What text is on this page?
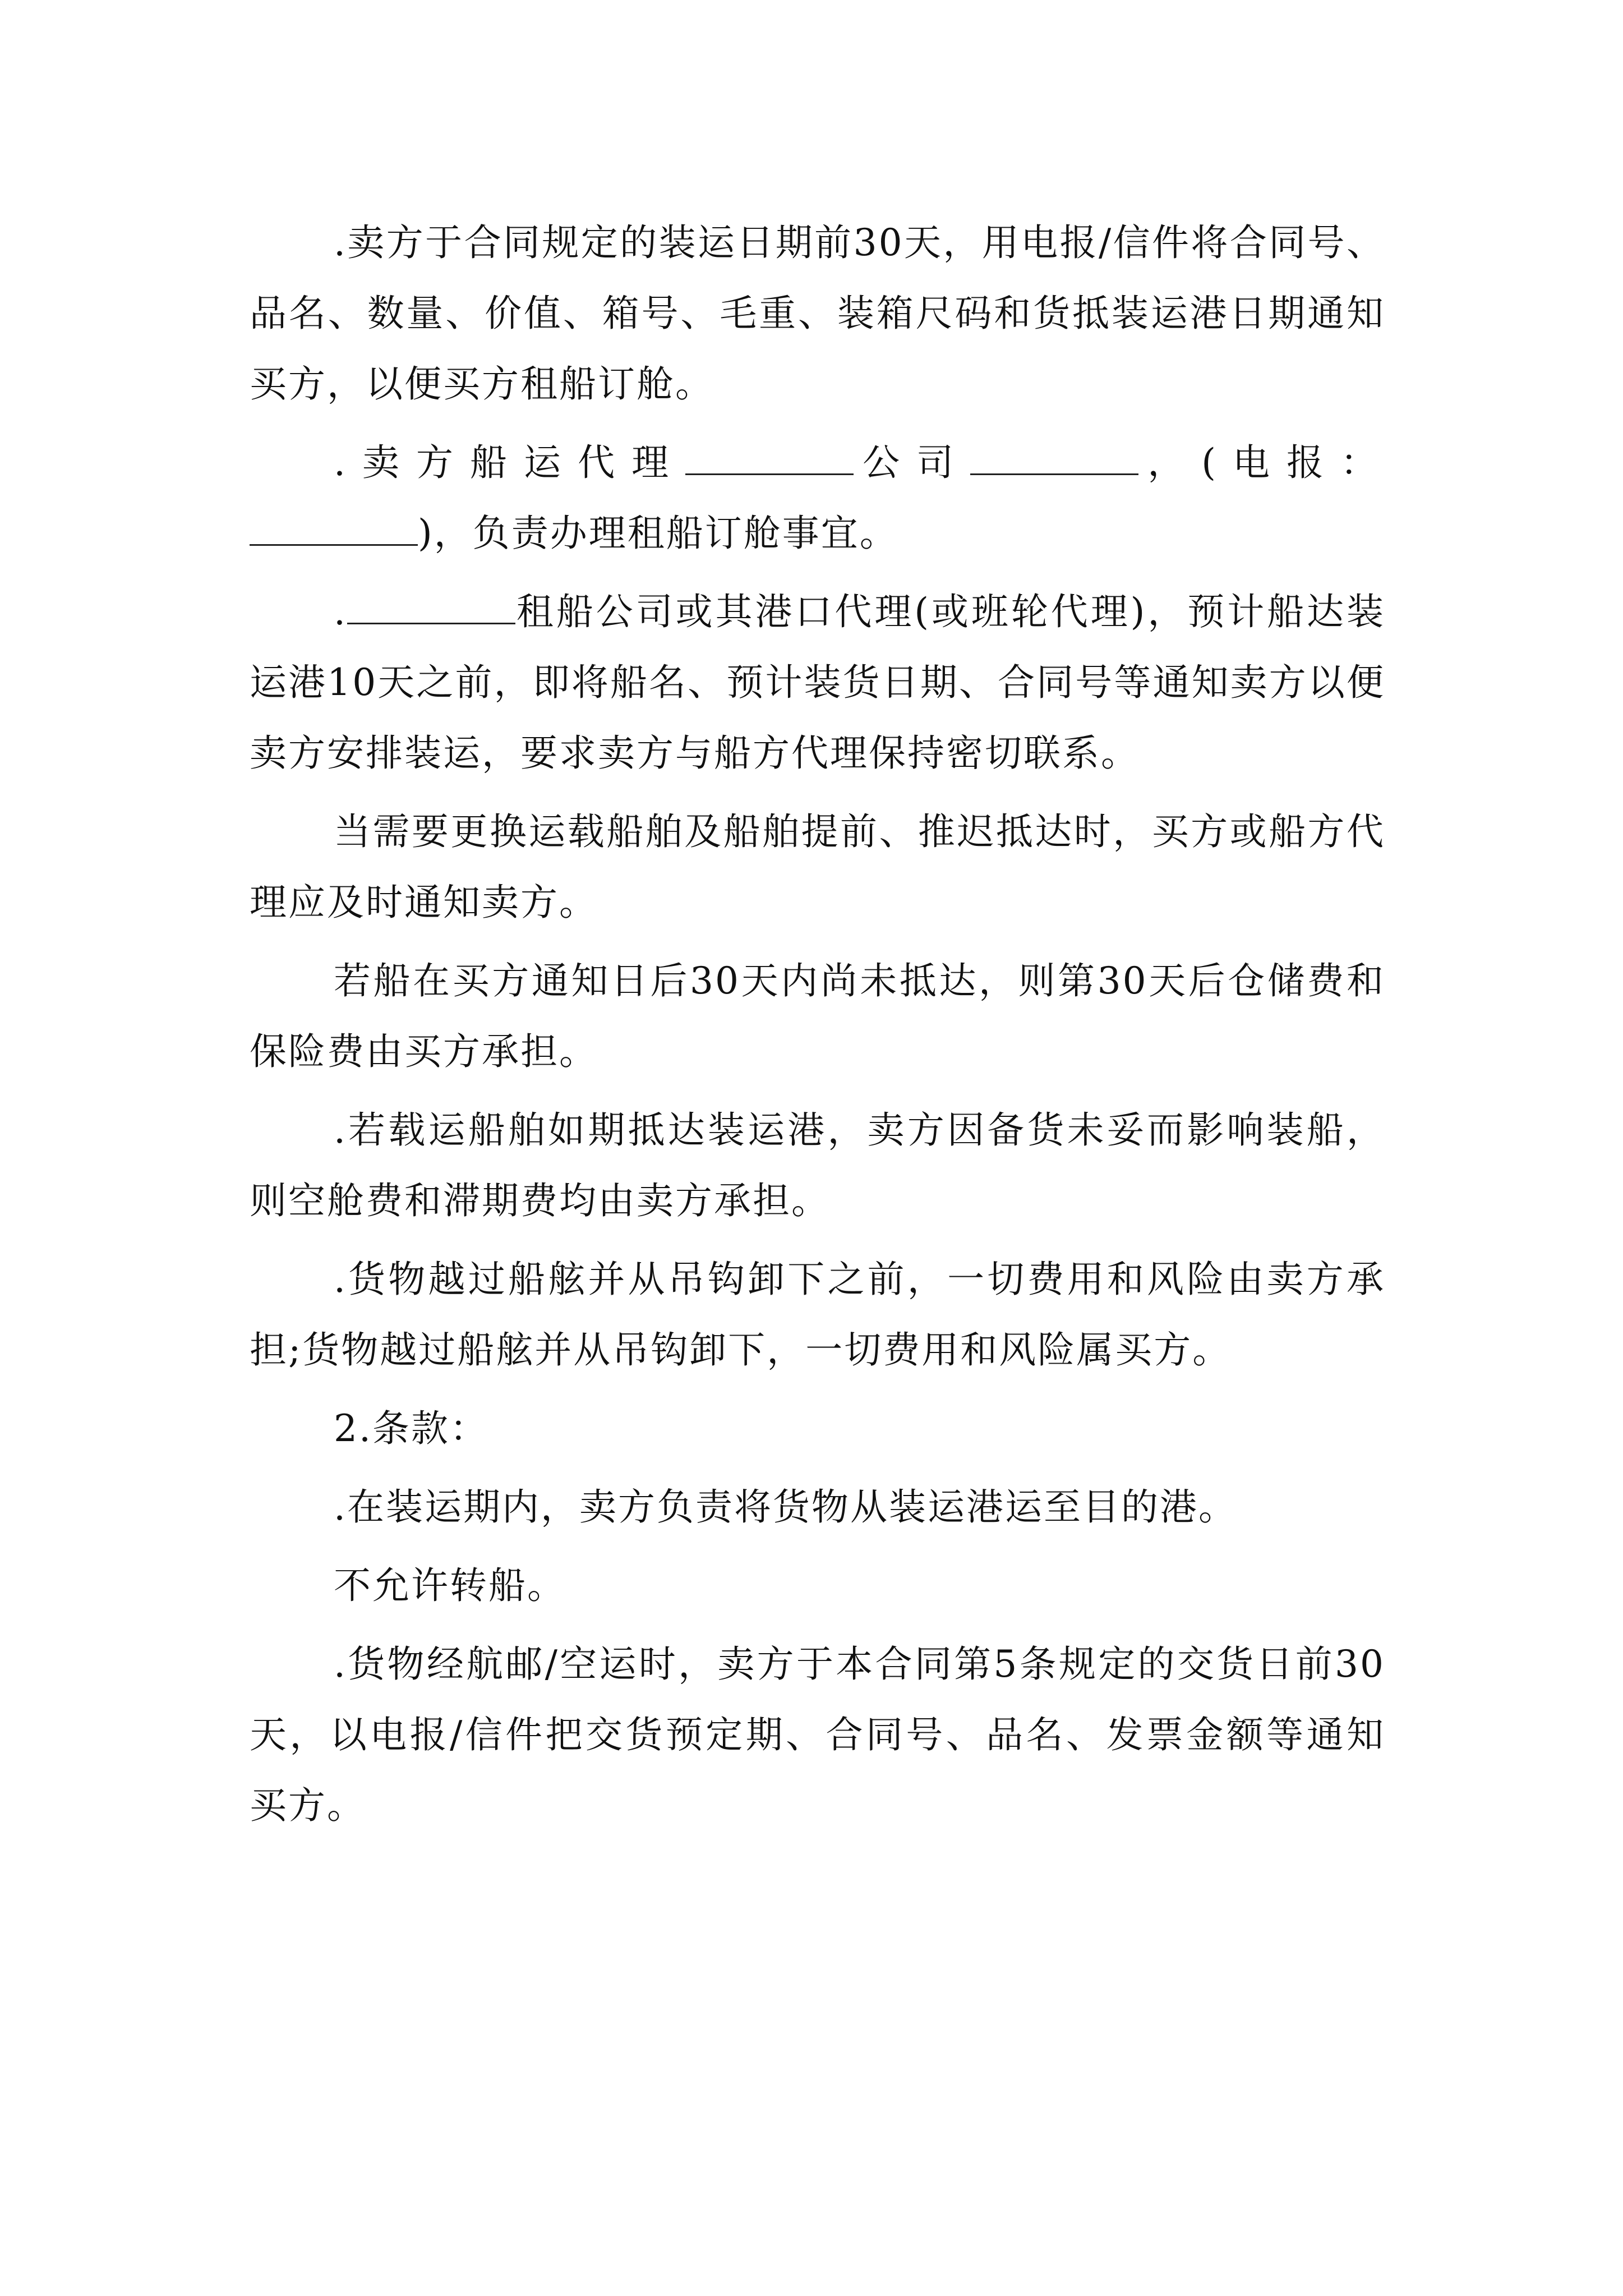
.卖方于合同规定的装运日期前30天，用电报/信件将合同号、品名、数量、价值、箱号、毛重、装箱尺码和货抵装运港日期通知买方，以便买方租船订舱。

.卖方船运代理	公司	，(电报：

)，负责办理租船订舱事宜。

.	租船公司或其港口代理(或班轮代理)，预计船达装运港10天之前，即将船名、预计装货日期、合同号等通知卖方以便卖方安排装运，要求卖方与船方代理保持密切联系。

当需要更换运载船舶及船舶提前、推迟抵达时，买方或船方代理应及时通知卖方。

若船在买方通知日后30天内尚未抵达，则第30天后仓储费和保险费由买方承担。

.若载运船舶如期抵达装运港，卖方因备货未妥而影响装船，则空舱费和滞期费均由卖方承担。

.货物越过船舷并从吊钩卸下之前，一切费用和风险由卖方承担;货物越过船舷并从吊钩卸下，一切费用和风险属买方。

2.条款：

.在装运期内，卖方负责将货物从装运港运至目的港。

不允许转船。

.货物经航邮/空运时，卖方于本合同第5条规定的交货日前30天，以电报/信件把交货预定期、合同号、品名、发票金额等通知买方。
